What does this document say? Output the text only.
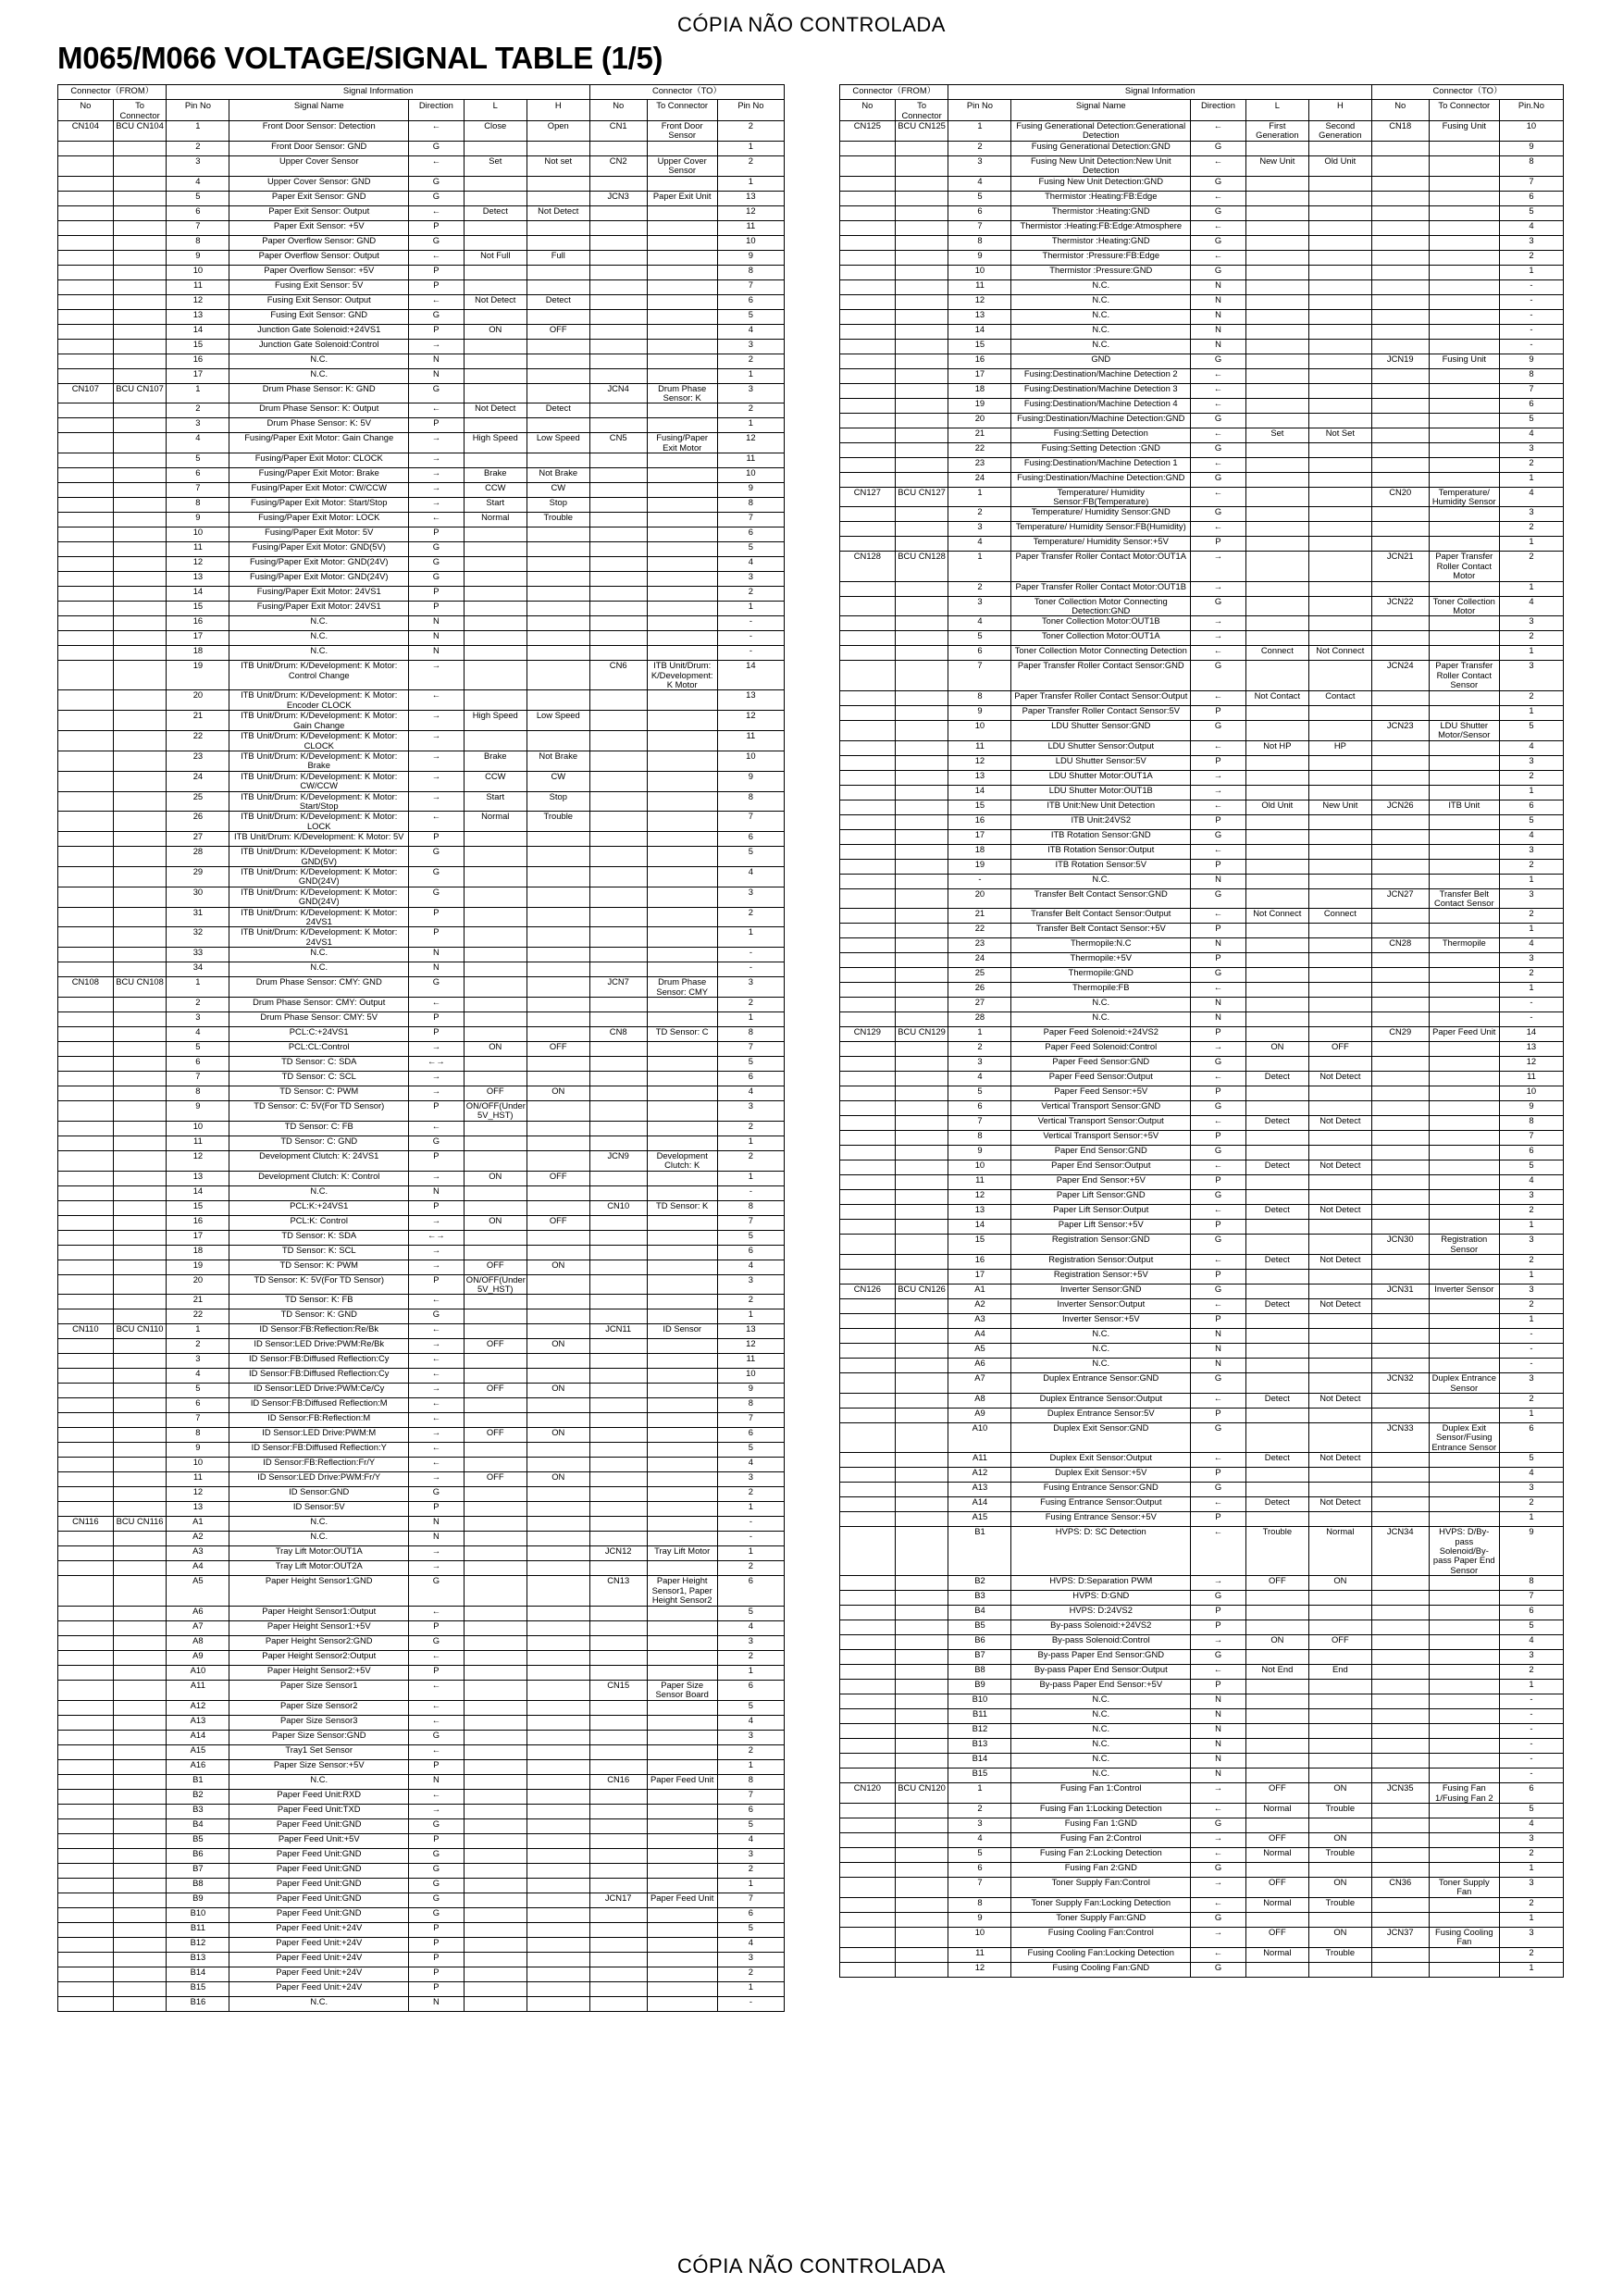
CÓPIA NÃO CONTROLADA
M065/M066 VOLTAGE/SIGNAL TABLE (1/5)
Connector（FROM）		Signal Information					Connector（TO）		
No	To Connector	Pin No	Signal Name	Direction	L	H	No	To Connector	Pin No
CN104	BCU CN104	1	Front Door Sensor: Detection	←	Close	Open	CN1	Front Door Sensor	2
		2	Front Door Sensor: GND	G					1
		3	Upper Cover Sensor	←	Set	Not set	CN2	Upper Cover Sensor	2
		4	Upper Cover Sensor: GND	G					1
		5	Paper Exit Sensor: GND	G			JCN3	Paper Exit Unit	13
		6	Paper Exit Sensor: Output	←	Detect	Not Detect			12
		7	Paper Exit Sensor: +5V	P					11
		8	Paper Overflow Sensor: GND	G					10
		9	Paper Overflow Sensor: Output	←	Not Full	Full			9
		10	Paper Overflow Sensor: +5V	P					8
		11	Fusing Exit Sensor: 5V	P					7
		12	Fusing Exit Sensor: Output	←	Not Detect	Detect			6
		13	Fusing Exit Sensor: GND	G					5
		14	Junction Gate Solenoid:+24VS1	P	ON	OFF			4
		15	Junction Gate Solenoid:Control	→					3
		16	N.C.	N					2
		17	N.C.	N					1
CN107	BCU CN107	1	Drum Phase Sensor: K: GND	G			JCN4	Drum Phase Sensor: K	3
		2	Drum Phase Sensor: K: Output	←	Not Detect	Detect			2
		3	Drum Phase Sensor: K: 5V	P					1
		4	Fusing/Paper Exit Motor: Gain Change	→	High Speed	Low Speed	CN5	Fusing/Paper Exit Motor	12
		5	Fusing/Paper Exit Motor: CLOCK	→					11
		6	Fusing/Paper Exit Motor: Brake	→	Brake	Not Brake			10
		7	Fusing/Paper Exit Motor: CW/CCW	→	CCW	CW			9
		8	Fusing/Paper Exit Motor: Start/Stop	→	Start	Stop			8
		9	Fusing/Paper Exit Motor: LOCK	←	Normal	Trouble			7
		10	Fusing/Paper Exit Motor: 5V	P					6
		11	Fusing/Paper Exit Motor: GND(5V)	G					5
		12	Fusing/Paper Exit Motor: GND(24V)	G					4
		13	Fusing/Paper Exit Motor: GND(24V)	G					3
		14	Fusing/Paper Exit Motor: 24VS1	P					2
		15	Fusing/Paper Exit Motor: 24VS1	P					1
		16	N.C.	N					-
		17	N.C.	N					-
		18	N.C.	N					-
		19	ITB Unit/Drum: K/Development: K Motor: Control Change	→			CN6	ITB Unit/Drum: K/Development: K Motor	14
		20	ITB Unit/Drum: K/Development: K Motor: Encoder CLOCK	←					13
		21	ITB Unit/Drum: K/Development: K Motor: Gain Change	→	High Speed	Low Speed			12
		22	ITB Unit/Drum: K/Development: K Motor: CLOCK	→					11
		23	ITB Unit/Drum: K/Development: K Motor: Brake	→	Brake	Not Brake			10
		24	ITB Unit/Drum: K/Development: K Motor: CW/CCW	→	CCW	CW			9
		25	ITB Unit/Drum: K/Development: K Motor: Start/Stop	→	Start	Stop			8
		26	ITB Unit/Drum: K/Development: K Motor: LOCK	←	Normal	Trouble			7
		27	ITB Unit/Drum: K/Development: K Motor: 5V	P					6
		28	ITB Unit/Drum: K/Development: K Motor: GND(5V)	G					5
		29	ITB Unit/Drum: K/Development: K Motor: GND(24V)	G					4
		30	ITB Unit/Drum: K/Development: K Motor: GND(24V)	G					3
		31	ITB Unit/Drum: K/Development: K Motor: 24VS1	P					2
		32	ITB Unit/Drum: K/Development: K Motor: 24VS1	P					1
		33	N.C.	N					-
		34	N.C.	N					-
CN108	BCU CN108	1	Drum Phase Sensor: CMY: GND	G			JCN7	Drum Phase Sensor: CMY	3
		2	Drum Phase Sensor: CMY: Output	←					2
		3	Drum Phase Sensor: CMY: 5V	P					1
		4	PCL:C:+24VS1	P			CN8	TD Sensor: C	8
		5	PCL:CL:Control	→	ON	OFF			7
		6	TD Sensor: C: SDA	←→					5
		7	TD Sensor: C: SCL	→					6
		8	TD Sensor: C: PWM	→	OFF	ON			4
		9	TD Sensor: C: 5V(For TD Sensor)	P	ON/OFF(Under 5V_HST)				3
		10	TD Sensor: C: FB	←					2
		11	TD Sensor: C: GND	G					1
		12	Development Clutch: K: 24VS1	P			JCN9	Development Clutch: K	2
		13	Development Clutch: K: Control	→	ON	OFF			1
		14	N.C.	N					-
		15	PCL:K:+24VS1	P			CN10	TD Sensor: K	8
		16	PCL:K: Control	→	ON	OFF			7
		17	TD Sensor: K: SDA	←→					5
		18	TD Sensor: K: SCL	→					6
		19	TD Sensor: K: PWM	→	OFF	ON			4
		20	TD Sensor: K: 5V(For TD Sensor)	P	ON/OFF(Under 5V_HST)				3
		21	TD Sensor: K: FB	←					2
		22	TD Sensor: K: GND	G					1
CN110	BCU CN110	1	ID Sensor:FB:Reflection:Re/Bk	←			JCN11	ID Sensor	13
		2	ID Sensor:LED Drive:PWM:Re/Bk	→	OFF	ON			12
		3	ID Sensor:FB:Diffused Reflection:Cy	←					11
		4	ID Sensor:FB:Diffused Reflection:Cy	←					10
		5	ID Sensor:LED Drive:PWM:Ce/Cy	→	OFF	ON			9
		6	ID Sensor:FB:Diffused Reflection:M	←					8
		7	ID Sensor:FB:Reflection:M	←					7
		8	ID Sensor:LED Drive:PWM:M	→	OFF	ON			6
		9	ID Sensor:FB:Diffused Reflection:Y	←					5
		10	ID Sensor:FB:Reflection:Fr/Y	←					4
		11	ID Sensor:LED Drive:PWM:Fr/Y	→	OFF	ON			3
		12	ID Sensor:GND	G					2
		13	ID Sensor:5V	P					1
CN116	BCU CN116	A1	N.C.	N					-
		A2	N.C.	N					-
		A3	Tray Lift Motor:OUT1A	→			JCN12	Tray Lift Motor	1
		A4	Tray Lift Motor:OUT2A	→					2
		A5	Paper Height Sensor1:GND	G			CN13	Paper Height Sensor1, Paper Height Sensor2	6
		A6	Paper Height Sensor1:Output	←					5
		A7	Paper Height Sensor1:+5V	P					4
		A8	Paper Height Sensor2:GND	G					3
		A9	Paper Height Sensor2:Output	←					2
		A10	Paper Height Sensor2:+5V	P					1
		A11	Paper Size Sensor1	←			CN15	Paper Size Sensor Board	6
		A12	Paper Size Sensor2	←					5
		A13	Paper Size Sensor3	←					4
		A14	Paper Size Sensor:GND	G					3
		A15	Tray1 Set Sensor	←					2
		A16	Paper Size Sensor:+5V	P					1
		B1	N.C.	N			CN16	Paper Feed Unit	8
		B2	Paper Feed Unit:RXD	←					7
		B3	Paper Feed Unit:TXD	→					6
		B4	Paper Feed Unit:GND	G					5
		B5	Paper Feed Unit:+5V	P					4
		B6	Paper Feed Unit:GND	G					3
		B7	Paper Feed Unit:GND	G					2
		B8	Paper Feed Unit:GND	G					1
		B9	Paper Feed Unit:GND	G			JCN17	Paper Feed Unit	7
		B10	Paper Feed Unit:GND	G					6
		B11	Paper Feed Unit:+24V	P					5
		B12	Paper Feed Unit:+24V	P					4
		B13	Paper Feed Unit:+24V	P					3
		B14	Paper Feed Unit:+24V	P					2
		B15	Paper Feed Unit:+24V	P					1
		B16	N.C.	N					-
Connector（FROM）		Signal Information					Connector（TO）		
No	To Connector	Pin No	Signal Name	Direction	L	H	No	To Connector	Pin.No
CN125	BCU CN125	1	Fusing Generational Detection:Generational Detection	←	First Generation	Second Generation	CN18	Fusing Unit	10
		2	Fusing Generational Detection:GND	G					9
		3	Fusing New Unit Detection:New Unit Detection	←	New Unit	Old Unit			8
		4	Fusing New Unit Detection:GND	G					7
		5	Thermistor :Heating:FB:Edge	←					6
		6	Thermistor :Heating:GND	G					5
		7	Thermistor :Heating:FB:Edge:Atmosphere	←					4
		8	Thermistor :Heating:GND	G					3
		9	Thermistor :Pressure:FB:Edge	←					2
		10	Thermistor :Pressure:GND	G					1
		11	N.C.	N					-
		12	N.C.	N					-
		13	N.C.	N					-
		14	N.C.	N					-
		15	N.C.	N					-
		16	GND	G			JCN19	Fusing Unit	9
		17	Fusing:Destination/Machine Detection 2	←					8
		18	Fusing:Destination/Machine Detection 3	←					7
		19	Fusing:Destination/Machine Detection 4	←					6
		20	Fusing:Destination/Machine Detection:GND	G					5
		21	Fusing:Setting Detection	←	Set	Not Set			4
		22	Fusing:Setting Detection :GND	G					3
		23	Fusing:Destination/Machine Detection 1	←					2
		24	Fusing:Destination/Machine Detection:GND	G					1
CN127	BCU CN127	1	Temperature/ Humidity Sensor:FB(Temperature)	←			CN20	Temperature/ Humidity Sensor	4
		2	Temperature/ Humidity Sensor:GND	G					3
		3	Temperature/ Humidity Sensor:FB(Humidity)	←					2
		4	Temperature/ Humidity Sensor:+5V	P					1
CN128	BCU CN128	1	Paper Transfer Roller Contact Motor:OUT1A	→			JCN21	Paper Transfer Roller Contact Motor	2
		2	Paper Transfer Roller Contact Motor:OUT1B	→					1
		3	Toner Collection Motor Connecting Detection:GND	G			JCN22	Toner Collection Motor	4
		4	Toner Collection Motor:OUT1B	→					3
		5	Toner Collection Motor:OUT1A	→					2
		6	Toner Collection Motor Connecting Detection	←	Connect	Not Connect			1
		7	Paper Transfer Roller Contact Sensor:GND	G			JCN24	Paper Transfer Roller Contact Sensor	3
		8	Paper Transfer Roller Contact Sensor:Output	←	Not Contact	Contact			2
		9	Paper Transfer Roller Contact Sensor:5V	P					1
		10	LDU Shutter Sensor:GND	G			JCN23	LDU Shutter Motor/Sensor	5
		11	LDU Shutter Sensor:Output	←	Not HP	HP			4
		12	LDU Shutter Sensor:5V	P					3
		13	LDU Shutter Motor:OUT1A	→					2
		14	LDU Shutter Motor:OUT1B	→					1
		15	ITB Unit:New Unit Detection	←	Old Unit	New Unit	JCN26	ITB Unit	6
		16	ITB Unit:24VS2	P					5
		17	ITB Rotation Sensor:GND	G					4
		18	ITB Rotation Sensor:Output	←					3
		19	ITB Rotation Sensor:5V	P					2
		-	N.C.	N					1
		20	Transfer Belt Contact Sensor:GND	G			JCN27	Transfer Belt Contact Sensor	3
		21	Transfer Belt Contact Sensor:Output	←	Not Connect	Connect			2
		22	Transfer Belt Contact Sensor:+5V	P					1
		23	Thermopile:N.C	N			CN28	Thermopile	4
		24	Thermopile:+5V	P					3
		25	Thermopile:GND	G					2
		26	Thermopile:FB	←					1
		27	N.C.	N					-
		28	N.C.	N					-
CN129	BCU CN129	1	Paper Feed Solenoid:+24VS2	P			CN29	Paper Feed Unit	14
		2	Paper Feed Solenoid:Control	→	ON	OFF			13
		3	Paper Feed Sensor:GND	G					12
		4	Paper Feed Sensor:Output	←	Detect	Not Detect			11
		5	Paper Feed Sensor:+5V	P					10
		6	Vertical Transport Sensor:GND	G					9
		7	Vertical Transport Sensor:Output	←	Detect	Not Detect			8
		8	Vertical Transport Sensor:+5V	P					7
		9	Paper End Sensor:GND	G					6
		10	Paper End Sensor:Output	←	Detect	Not Detect			5
		11	Paper End Sensor:+5V	P					4
		12	Paper Lift Sensor:GND	G					3
		13	Paper Lift Sensor:Output	←	Detect	Not Detect			2
		14	Paper Lift Sensor:+5V	P					1
		15	Registration Sensor:GND	G			JCN30	Registration Sensor	3
		16	Registration Sensor:Output	←	Detect	Not Detect			2
		17	Registration Sensor:+5V	P					1
CN126	BCU CN126	A1	Inverter Sensor:GND	G			JCN31	Inverter Sensor	3
		A2	Inverter Sensor:Output	←	Detect	Not Detect			2
		A3	Inverter Sensor:+5V	P					1
		A4	N.C.	N					-
		A5	N.C.	N					-
		A6	N.C.	N					-
		A7	Duplex Entrance Sensor:GND	G			JCN32	Duplex Entrance Sensor	3
		A8	Duplex Entrance Sensor:Output	←	Detect	Not Detect			2
		A9	Duplex Entrance Sensor:5V	P					1
		A10	Duplex Exit Sensor:GND	G			JCN33	Duplex Exit Sensor/Fusing Entrance Sensor	6
		A11	Duplex Exit Sensor:Output	←	Detect	Not Detect			5
		A12	Duplex Exit Sensor:+5V	P					4
		A13	Fusing Entrance Sensor:GND	G					3
		A14	Fusing Entrance Sensor:Output	←	Detect	Not Detect			2
		A15	Fusing Entrance Sensor:+5V	P					1
		B1	HVPS: D: SC Detection	←	Trouble	Normal	JCN34	HVPS: D/By-pass Solenoid/By-pass Paper End Sensor	9
		B2	HVPS: D:Separation PWM	→	OFF	ON			8
		B3	HVPS: D:GND	G					7
		B4	HVPS: D:24VS2	P					6
		B5	By-pass Solenoid:+24VS2	P					5
		B6	By-pass Solenoid:Control	→	ON	OFF			4
		B7	By-pass Paper End Sensor:GND	G					3
		B8	By-pass Paper End Sensor:Output	←	Not End	End			2
		B9	By-pass Paper End Sensor:+5V	P					1
		B10	N.C.	N					-
		B11	N.C.	N					-
		B12	N.C.	N					-
		B13	N.C.	N					-
		B14	N.C.	N					-
		B15	N.C.	N					-
CN120	BCU CN120	1	Fusing Fan 1:Control	→	OFF	ON	JCN35	Fusing Fan 1/Fusing Fan 2	6
		2	Fusing Fan 1:Locking Detection	←	Normal	Trouble			5
		3	Fusing Fan 1:GND	G					4
		4	Fusing Fan 2:Control	→	OFF	ON			3
		5	Fusing Fan 2:Locking Detection	←	Normal	Trouble			2
		6	Fusing Fan 2:GND	G					1
		7	Toner Supply Fan:Control	→	OFF	ON	CN36	Toner Supply Fan	3
		8	Toner Supply Fan:Locking Detection	←	Normal	Trouble			2
		9	Toner Supply Fan:GND	G					1
		10	Fusing Cooling Fan:Control	→	OFF	ON	JCN37	Fusing Cooling Fan	3
		11	Fusing Cooling Fan:Locking Detection	←	Normal	Trouble			2
		12	Fusing Cooling Fan:GND	G					1
CÓPIA NÃO CONTROLADA
